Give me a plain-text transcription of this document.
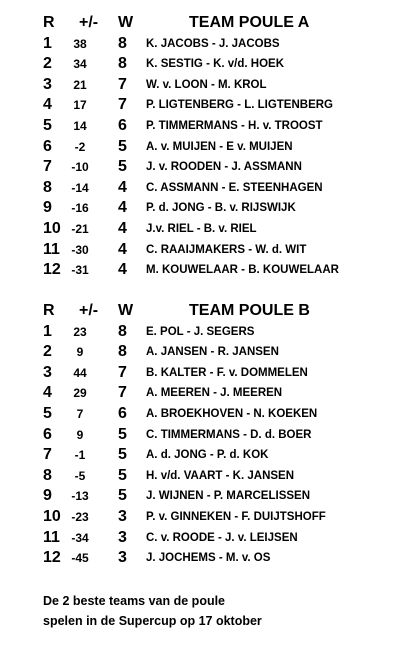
R +/- W	TEAM POULE A
1	38	8 K. JACOBS - J. JACOBS
2	34	8 K. SESTIG - K. v/d. HOEK
3	21	7 W. v. LOON - M. KROL
4	17	7 P. LIGTENBERG - L. LIGTENBERG
5	14	6 P. TIMMERMANS - H. v. TROOST
6	-2	5 A. v. MUIJEN - E v. MUIJEN
7	-10	5 J. v. ROODEN - J. ASSMANN
8	-14	4 C. ASSMANN - E. STEENHAGEN
9	-16	4 P. d. JONG - B. v. RIJSWIJK
10 -21	4 J.v. RIEL - B. v. RIEL
11 -30	4 C. RAAIJMAKERS - W. d. WIT
12 -31	4 M. KOUWELAAR - B. KOUWELAAR
R +/- W	TEAM POULE B
1	23	8 E. POL - J. SEGERS
2	9	8 A. JANSEN - R. JANSEN
3	44	7 B. KALTER - F. v. DOMMELEN
4	29	7 A. MEEREN - J. MEEREN
5	7	6 A. BROEKHOVEN - N. KOEKEN
6	9	5 C. TIMMERMANS - D. d. BOER
7	-1	5 A. d. JONG - P. d. KOK
8	-5	5 H. v/d. VAART - K. JANSEN
9	-13	5 J. WIJNEN - P. MARCELISSEN
10 -23	3 P. v. GINNEKEN - F. DUIJTSHOFF
11 -34	3 C. v. ROODE - J. v. LEIJSEN
12 -45	3 J. JOCHEMS - M. v. OS
De 2 beste teams van de poule
spelen in de Supercup op 17 oktober
